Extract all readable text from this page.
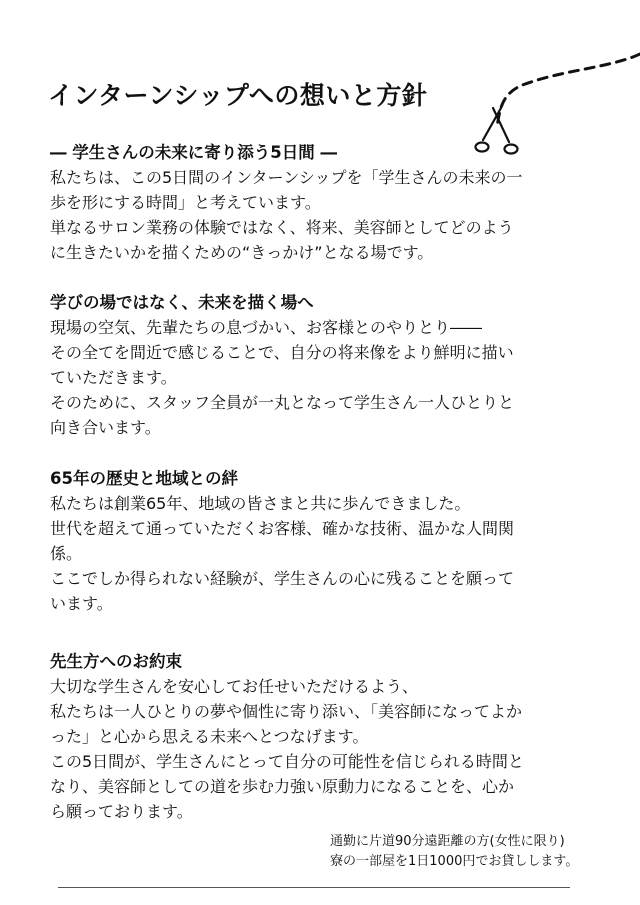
インターンシップへの想いと方針
― 学生さんの未来に寄り添う5日間 ―
私たちは、この5日間のインターンシップを「学生さんの未来の一
歩を形にする時間」と考えています。
単なるサロン業務の体験ではなく、将来、美容師としてどのよう
に生きたいかを描くための“きっかけ”となる場です。
学びの場ではなく、未来を描く場へ
現場の空気、先輩たちの息づかい、お客様とのやりとり――
その全てを間近で感じることで、自分の将来像をより鮮明に描い
ていただきます。
そのために、スタッフ全員が一丸となって学生さん一人ひとりと
向き合います。
65年の歴史と地域との絆
私たちは創業65年、地域の皆さまと共に歩んできました。
世代を超えて通っていただくお客様、確かな技術、温かな人間関
係。
ここでしか得られない経験が、学生さんの心に残ることを願って
います。
先生方へのお約束
大切な学生さんを安心してお任せいただけるよう、
私たちは一人ひとりの夢や個性に寄り添い、「美容師になってよか
った」と心から思える未来へとつなげます。
この5日間が、学生さんにとって自分の可能性を信じられる時間と
なり、美容師としての道を歩む力強い原動力になることを、心か
ら願っております。
通勤に片道90分遠距離の方(女性に限り)
寮の一部屋を1日1000円でお貸しします。
